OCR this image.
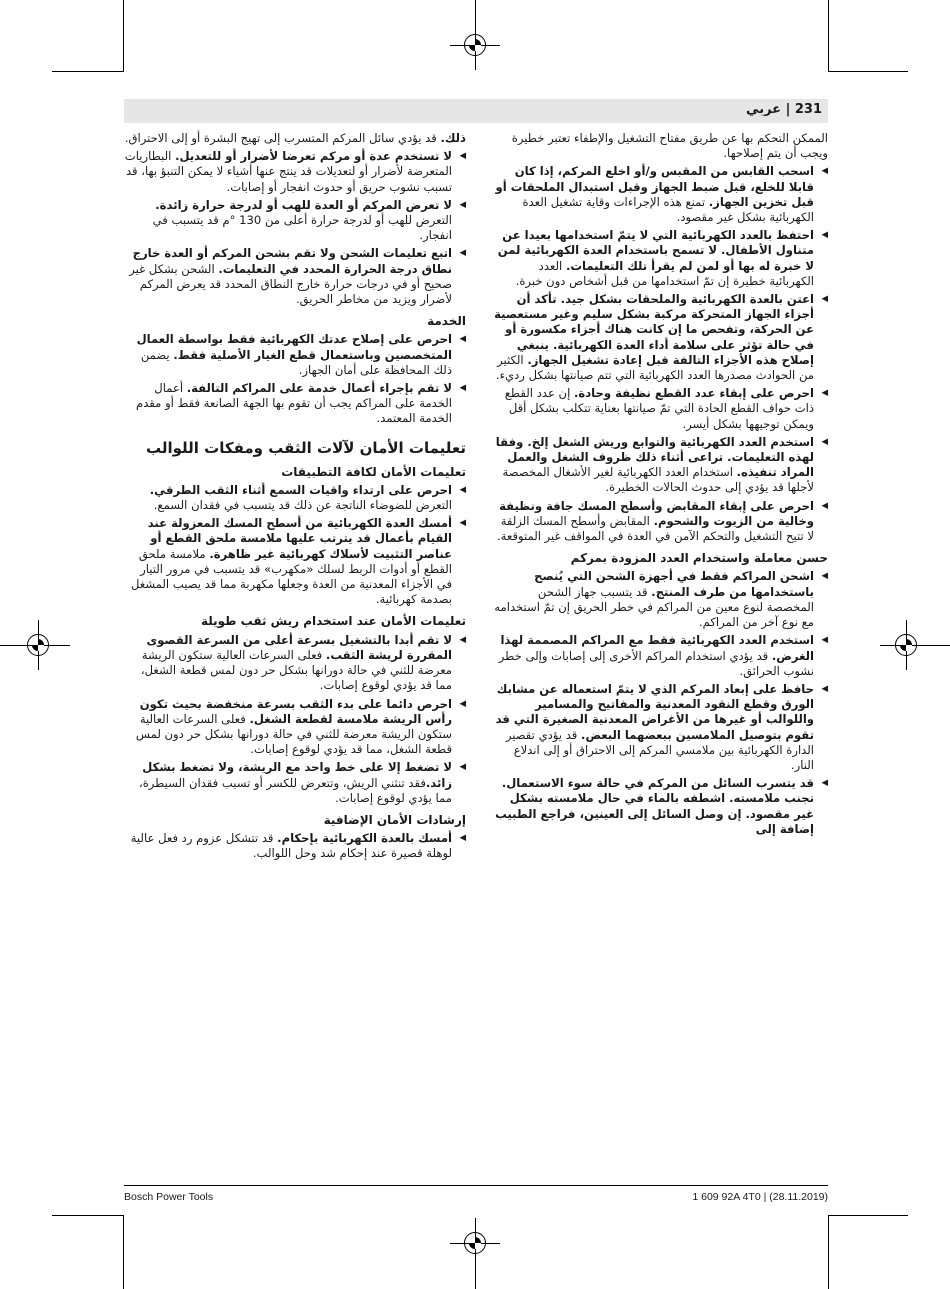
231 | عربي

الممكن التحكم بها عن طريق مفتاح التشغيل والإطفاء تعتبر خطيرة ويجب أن يتم إصلاحها.

◀ اسحب القابس من المقبس و/أو اخلع المركم، إذا كان قابلا للخلع، قبل ضبط الجهاز وقبل استبدال الملحقات أو قبل تخزين الجهاز. تمنع هذه الإجراءات وقاية تشغيل العدة الكهربائية بشكل غير مقصود.
◀ احتفظ بالعدد الكهربائية التي لا يتمّ استخدامها بعيدا عن متناول الأطفال. لا تسمح باستخدام العدة الكهربائية لمن لا خبرة له بها أو لمن لم يقرأ تلك التعليمات. العدد الكهربائية خطيرة إن تمّ استخدامها من قبل أشخاص دون خبرة.
◀ اعتن بالعدة الكهربائية والملحقات بشكل جيد. تأكد أن أجزاء الجهاز المتحركة مركبة بشكل سليم وغير مستعصية عن الحركة، وتفحص ما إن كانت هناك أجزاء مكسورة أو في حالة تؤثر على سلامة أداء العدة الكهربائية. ينبغي إصلاح هذه الأجزاء التالفة قبل إعادة تشغيل الجهاز. الكثير من الحوادث مصدرها العدد الكهربائية التي تتم صيانتها بشكل رديء.
◀ احرص على إبقاء عدد القطع نظيفة وحادة. إن عدد القطع ذات حواف القطع الحادة التي تمّ صيانتها بعناية تتكلب بشكل أقل ويمكن توجيهها بشكل أيسر.
◀ استخدم العدد الكهربائية والتوابع وريش الشغل إلخ. وفقا لهذه التعليمات. تراعى أثناء ذلك ظروف الشغل والعمل المراد تنفيذه. استخدام العدد الكهربائية لغير الأشغال المخصصة لأجلها قد يؤدي إلى حدوث الحالات الخطيرة.
◀ احرص على إبقاء المقابض وأسطح المسك جافة ونظيفة وخالية من الزيوت والشحوم. المقابض وأسطح المسك الزلقة لا تتيح التشغيل والتحكم الآمن في العدة في المواقف غير المتوقعة.
حسن معاملة واستخدام العدد المزودة بمركم
◀ اشحن المراكم فقط في أجهزة الشحن التي يُنصح باستخدامها من طرف المنتج. قد يتسبب جهاز الشحن المخصصة لنوع معين من المراكم في خطر الحريق إن تمّ استخدامه مع نوع آخر من المراكم.
◀ استخدم العدد الكهربائية فقط مع المراكم المصممة لهذا الغرض. قد يؤدي استخدام المراكم الأخرى إلى إصابات وإلى خطر نشوب الحرائق.
◀ حافظ على إبعاد المركم الذي لا يتمّ استعماله عن مشابك الورق وقطع النقود المعدنية والمفاتيح والمسامير واللوالب أو غيرها من الأغراض المعدنية الصغيرة التي قد تقوم بتوصيل الملامسين ببعضهما البعض. قد يؤدي تقصير الدارة الكهربائية بين ملامسي المركم إلى الاحتراق أو إلى اندلاع النار.
◀ قد يتسرب السائل من المركم في حالة سوء الاستعمال. تجنب ملامسته. اشطفه بالماء في حال ملامسته بشكل غير مقصود. إن وصل السائل إلى العينين، فراجع الطبيب إضافة إلى

ذلك. قد يؤدي سائل المركم المتسرب إلى تهيج البشرة أو إلى الاحتراق.

◀ لا تستخدم عدة أو مركم تعرضا لأضرار أو للتعديل. البطاريات المتعرضة لأضرار أو لتعديلات قد ينتج عنها أشياء لا يمكن التنبؤ بها، قد تسبب نشوب حريق أو حدوث انفجار أو إصابات.
◀ لا تعرض المركم أو العدة للهب أو لدرجة حرارة زائدة. التعرض للهب أو لدرجة حرارة أعلى من 130 °م قد يتسبب في انفجار.
◀ اتبع تعليمات الشحن ولا تقم بشحن المركم أو العدة خارج نطاق درجة الحرارة المحدد في التعليمات. الشحن بشكل غير صحيح أو في درجات حرارة خارج النطاق المحدد قد يعرض المركم لأضرار ويزيد من مخاطر الحريق.
الخدمة
◀ احرص على إصلاح عدتك الكهربائية فقط بواسطة العمال المتخصصين وباستعمال قطع الغيار الأصلية فقط. يضمن ذلك المحافظة على أمان الجهاز.
◀ لا تقم بإجراء أعمال خدمة على المراكم التالفة. أعمال الخدمة على المراكم يجب أن تقوم بها الجهة الصانعة فقط أو مقدم الخدمة المعتمد.
تعليمات الأمان لآلات الثقب ومفكات اللوالب
تعليمات الأمان لكافة التطبيقات
◀ احرص على ارتداء واقيات السمع أثناء الثقب الطرقي. التعرض للضوضاء الناتجة عن ذلك قد يتسبب في فقدان السمع.
◀ أمسك العدة الكهربائية من أسطح المسك المعزولة عند القيام بأعمال قد يترتب عليها ملامسة ملحق القطع أو عناصر التثبيت لأسلاك كهربائية غير ظاهرة. ملامسة ملحق القطع أو أدوات الربط لسلك «مكهرب» قد يتسبب في مرور التيار في الأجزاء المعدنية من العدة وجعلها مكهربة مما قد يصيب المشغل بصدمة كهربائية.
تعليمات الأمان عند استخدام ريش ثقب طويلة
◀ لا تقم أبدا بالتشغيل بسرعة أعلى من السرعة القصوى المقررة لريشة الثقب. فعلى السرعات العالية ستكون الريشة معرضة للثني في حالة دورانها بشكل حر دون لمس قطعة الشغل، مما قد يؤدي لوقوع إصابات.
◀ احرص دائما على بدء الثقب بسرعة منخفضة بحيث تكون رأس الريشة ملامسة لقطعة الشغل. فعلى السرعات العالية ستكون الريشة معرضة للثني في حالة دورانها بشكل حر دون لمس قطعة الشغل، مما قد يؤدي لوقوع إصابات.
◀ لا تضغط إلا على خط واحد مع الريشة، ولا تضغط بشكل زائد.فقد تنثني الريش، وتتعرض للكسر أو تسبب فقدان السيطرة، مما يؤدي لوقوع إصابات.
إرشادات الأمان الإضافية
◀ أمسك بالعدة الكهربائية بإحكام. قد تتشكل عزوم رد فعل عالية لوهلة قصيرة عند إحكام شد وحل اللوالب.
Bosch Power Tools	1 609 92A 4T0 | (28.11.2019)
